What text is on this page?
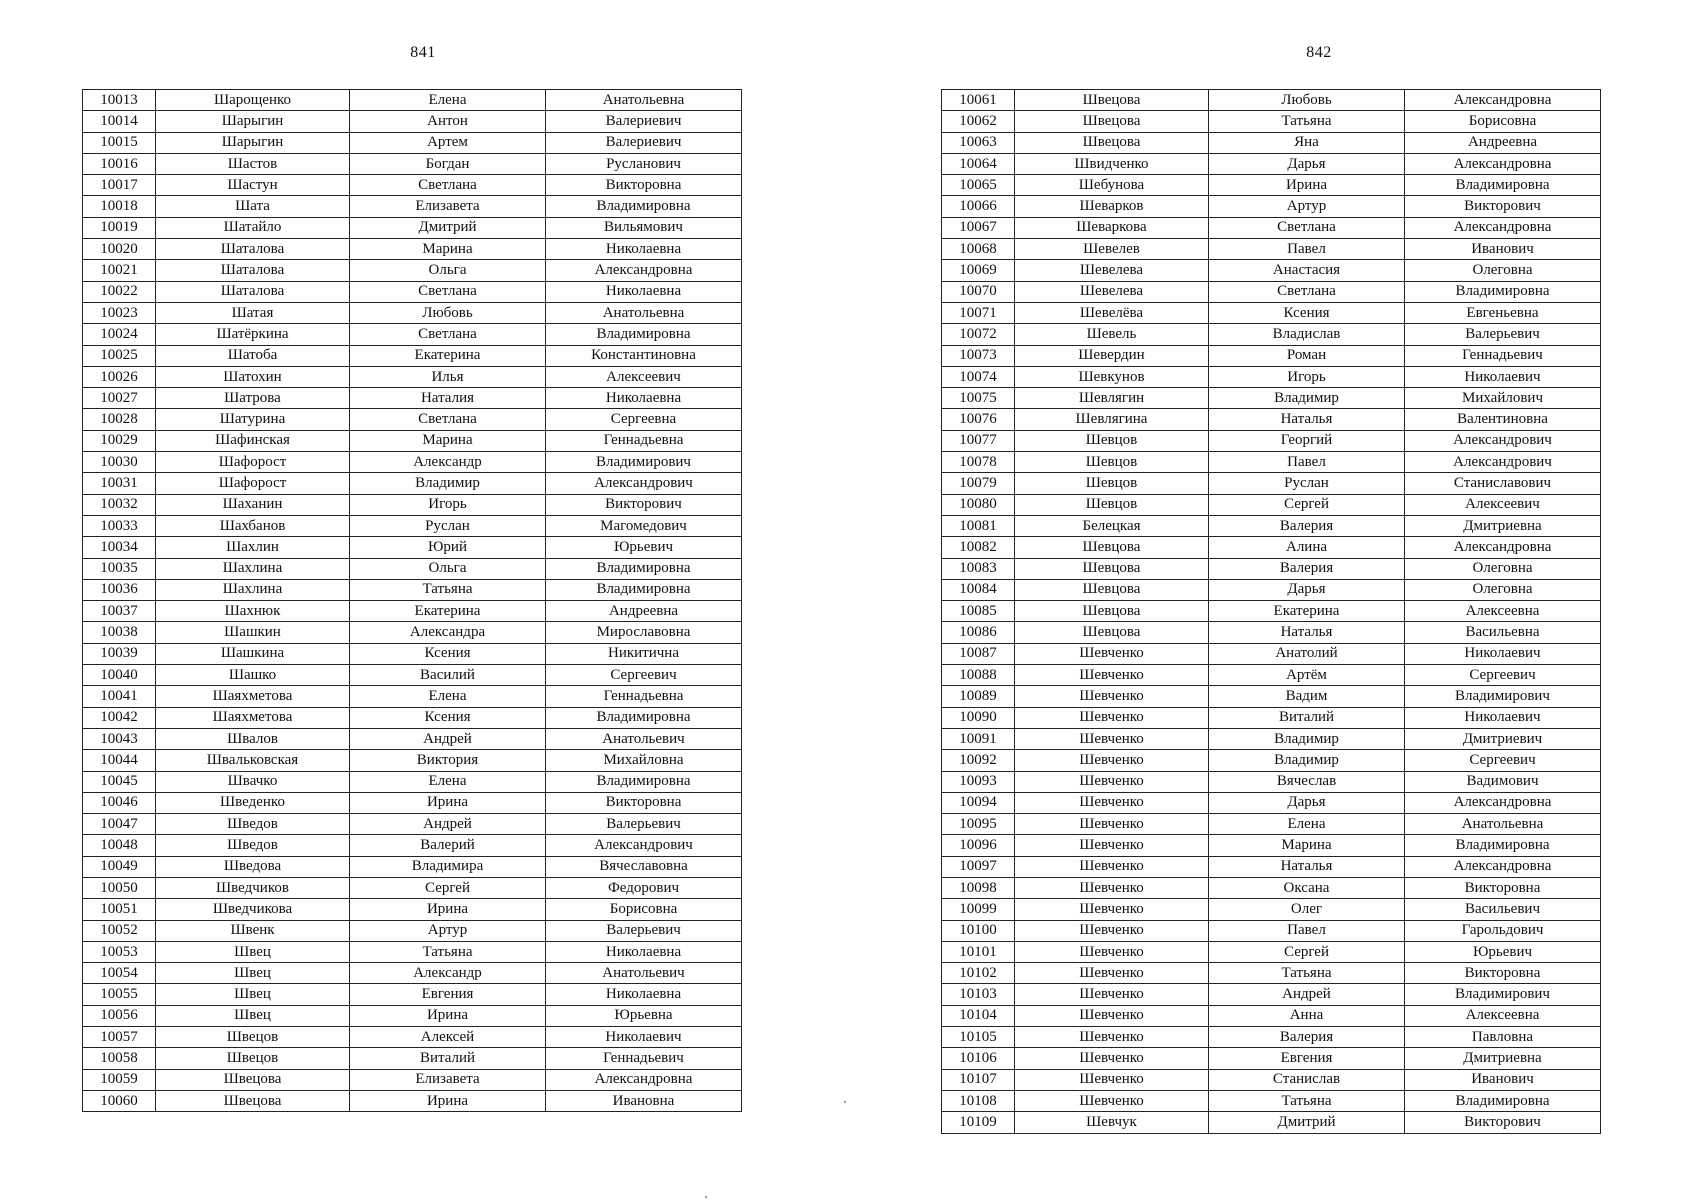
841
10013	Шарощенко	Елена	Анатольевна
10014	Шарыгин	Антон	Валериевич
10015	Шарыгин	Артем	Валериевич
10016	Шастов	Богдан	Русланович
10017	Шастун	Светлана	Викторовна
10018	Шата	Елизавета	Владимировна
10019	Шатайло	Дмитрий	Вильямович
10020	Шаталова	Марина	Николаевна
10021	Шаталова	Ольга	Александровна
10022	Шаталова	Светлана	Николаевна
10023	Шатая	Любовь	Анатольевна
10024	Шатёркина	Светлана	Владимировна
10025	Шатоба	Екатерина	Константиновна
10026	Шатохин	Илья	Алексеевич
10027	Шатрова	Наталия	Николаевна
10028	Шатурина	Светлана	Сергеевна
10029	Шафинская	Марина	Геннадьевна
10030	Шафорост	Александр	Владимирович
10031	Шафорост	Владимир	Александрович
10032	Шаханин	Игорь	Викторович
10033	Шахбанов	Руслан	Магомедович
10034	Шахлин	Юрий	Юрьевич
10035	Шахлина	Ольга	Владимировна
10036	Шахлина	Татьяна	Владимировна
10037	Шахнюк	Екатерина	Андреевна
10038	Шашкин	Александра	Мирославовна
10039	Шашкина	Ксения	Никитична
10040	Шашко	Василий	Сергеевич
10041	Шаяхметова	Елена	Геннадьевна
10042	Шаяхметова	Ксения	Владимировна
10043	Швалов	Андрей	Анатольевич
10044	Швальковская	Виктория	Михайловна
10045	Швачко	Елена	Владимировна
10046	Шведенко	Ирина	Викторовна
10047	Шведов	Андрей	Валерьевич
10048	Шведов	Валерий	Александрович
10049	Шведова	Владимира	Вячеславовна
10050	Шведчиков	Сергей	Федорович
10051	Шведчикова	Ирина	Борисовна
10052	Швенк	Артур	Валерьевич
10053	Швец	Татьяна	Николаевна
10054	Швец	Александр	Анатольевич
10055	Швец	Евгения	Николаевна
10056	Швец	Ирина	Юрьевна
10057	Швецов	Алексей	Николаевич
10058	Швецов	Виталий	Геннадьевич
10059	Швецова	Елизавета	Александровна
10060	Швецова	Ирина	Ивановна
842
10061	Швецова	Любовь	Александровна
10062	Швецова	Татьяна	Борисовна
10063	Швецова	Яна	Андреевна
10064	Швидченко	Дарья	Александровна
10065	Шебунова	Ирина	Владимировна
10066	Шеварков	Артур	Викторович
10067	Шеваркова	Светлана	Александровна
10068	Шевелев	Павел	Иванович
10069	Шевелева	Анастасия	Олеговна
10070	Шевелева	Светлана	Владимировна
10071	Шевелёва	Ксения	Евгеньевна
10072	Шевель	Владислав	Валерьевич
10073	Шевердин	Роман	Геннадьевич
10074	Шевкунов	Игорь	Николаевич
10075	Шевлягин	Владимир	Михайлович
10076	Шевлягина	Наталья	Валентиновна
10077	Шевцов	Георгий	Александрович
10078	Шевцов	Павел	Александрович
10079	Шевцов	Руслан	Станиславович
10080	Шевцов	Сергей	Алексеевич
10081	Белецкая	Валерия	Дмитриевна
10082	Шевцова	Алина	Александровна
10083	Шевцова	Валерия	Олеговна
10084	Шевцова	Дарья	Олеговна
10085	Шевцова	Екатерина	Алексеевна
10086	Шевцова	Наталья	Васильевна
10087	Шевченко	Анатолий	Николаевич
10088	Шевченко	Артём	Сергеевич
10089	Шевченко	Вадим	Владимирович
10090	Шевченко	Виталий	Николаевич
10091	Шевченко	Владимир	Дмитриевич
10092	Шевченко	Владимир	Сергеевич
10093	Шевченко	Вячеслав	Вадимович
10094	Шевченко	Дарья	Александровна
10095	Шевченко	Елена	Анатольевна
10096	Шевченко	Марина	Владимировна
10097	Шевченко	Наталья	Александровна
10098	Шевченко	Оксана	Викторовна
10099	Шевченко	Олег	Васильевич
10100	Шевченко	Павел	Гарольдович
10101	Шевченко	Сергей	Юрьевич
10102	Шевченко	Татьяна	Викторовна
10103	Шевченко	Андрей	Владимирович
10104	Шевченко	Анна	Алексеевна
10105	Шевченко	Валерия	Павловна
10106	Шевченко	Евгения	Дмитриевна
10107	Шевченко	Станислав	Иванович
10108	Шевченко	Татьяна	Владимировна
10109	Шевчук	Дмитрий	Викторович
